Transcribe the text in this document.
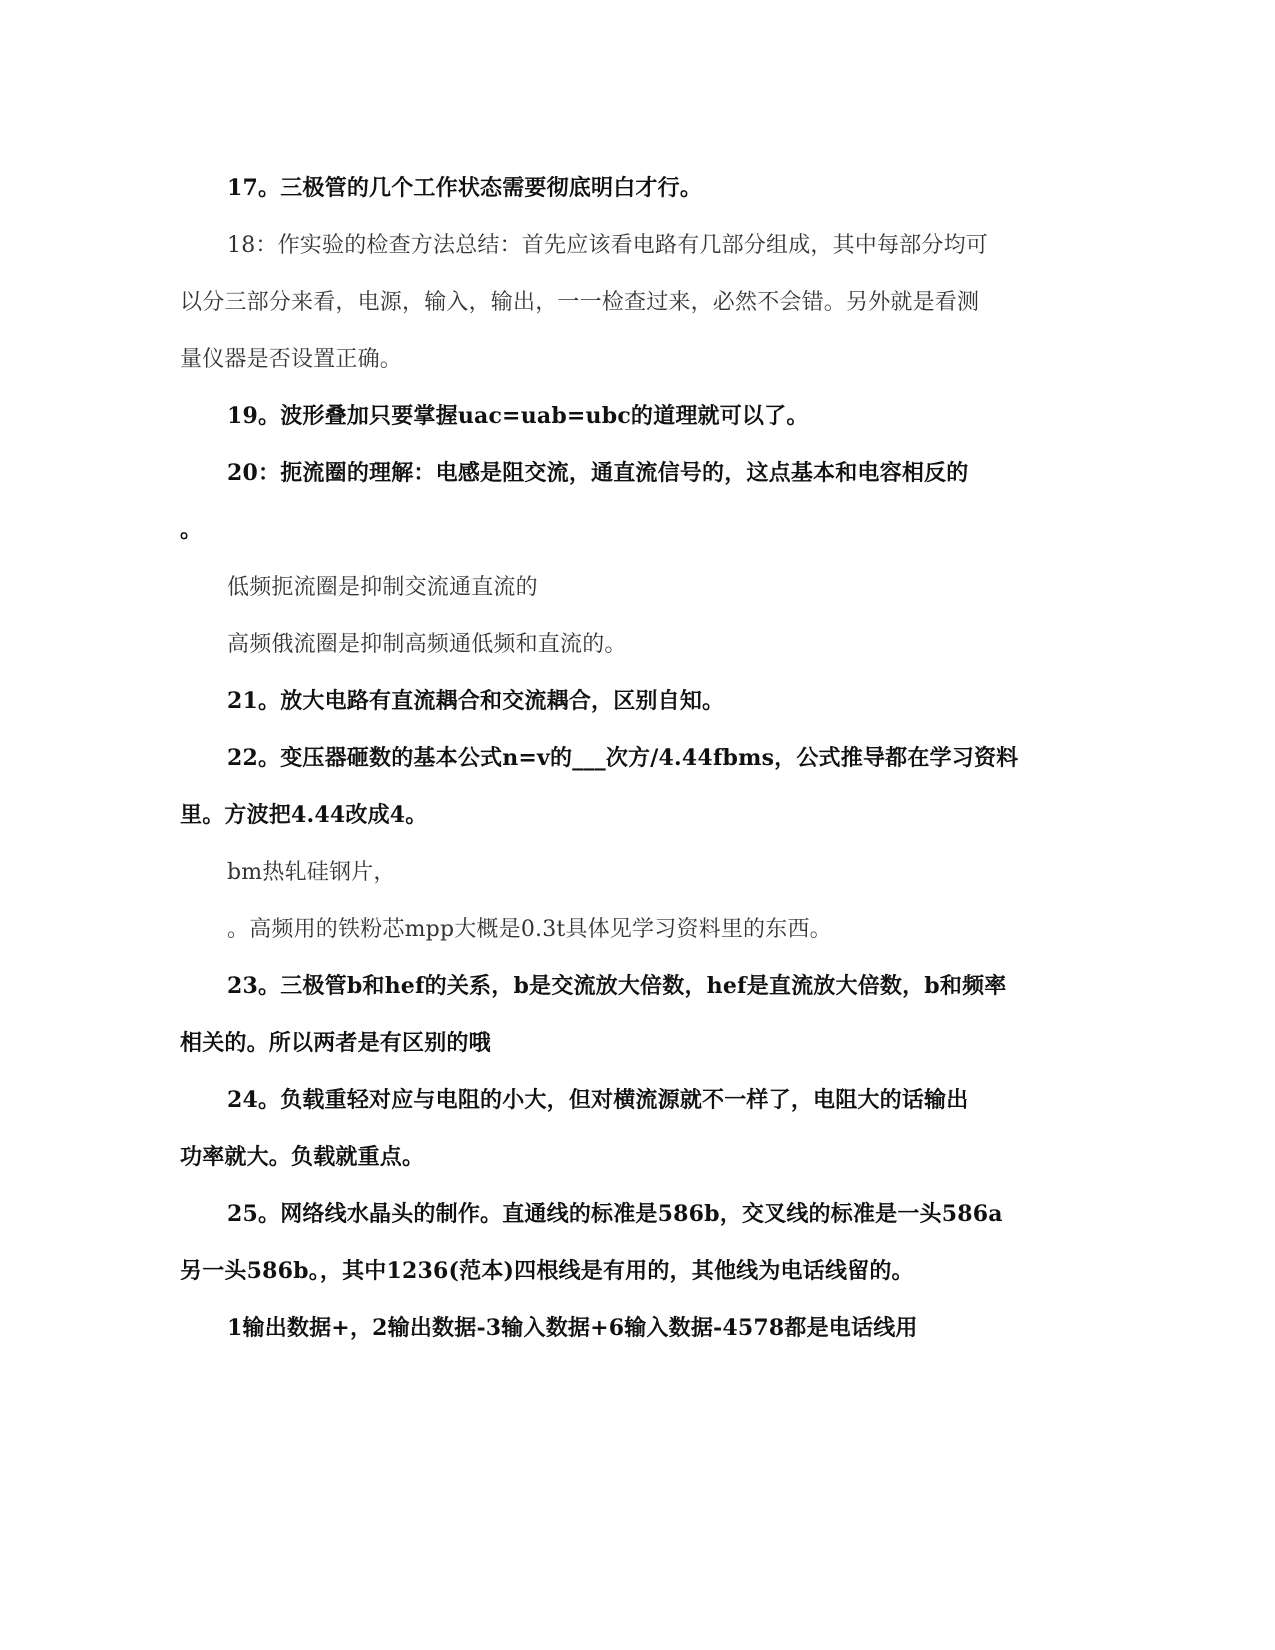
17。三极管的几个工作状态需要彻底明白才行。
18：作实验的检查方法总结：首先应该看电路有几部分组成，其中每部分均可
以分三部分来看，电源，输入，输出，一一检查过来，必然不会错。另外就是看测
量仪器是否设置正确。
19。波形叠加只要掌握uac=uab=ubc的道理就可以了。
20：扼流圈的理解：电感是阻交流，通直流信号的，这点基本和电容相反的
。
低频扼流圈是抑制交流通直流的
高频俄流圈是抑制高频通低频和直流的。
21。放大电路有直流耦合和交流耦合，区别自知。
22。变压器砸数的基本公式n=v的___次方/4.44fbms，公式推导都在学习资料
里。方波把4.44改成4。
bm热轧硅钢片，
。高频用的铁粉芯mpp大概是0.3t具体见学习资料里的东西。
23。三极管b和hef的关系，b是交流放大倍数，hef是直流放大倍数，b和频率
相关的。所以两者是有区别的哦
24。负载重轻对应与电阻的小大，但对横流源就不一样了，电阻大的话输出
功率就大。负载就重点。
25。网络线水晶头的制作。直通线的标准是586b，交叉线的标准是一头586a
另一头586b。，其中1236(范本)四根线是有用的，其他线为电话线留的。
1输出数据+，2输出数据-3输入数据+6输入数据-4578都是电话线用
